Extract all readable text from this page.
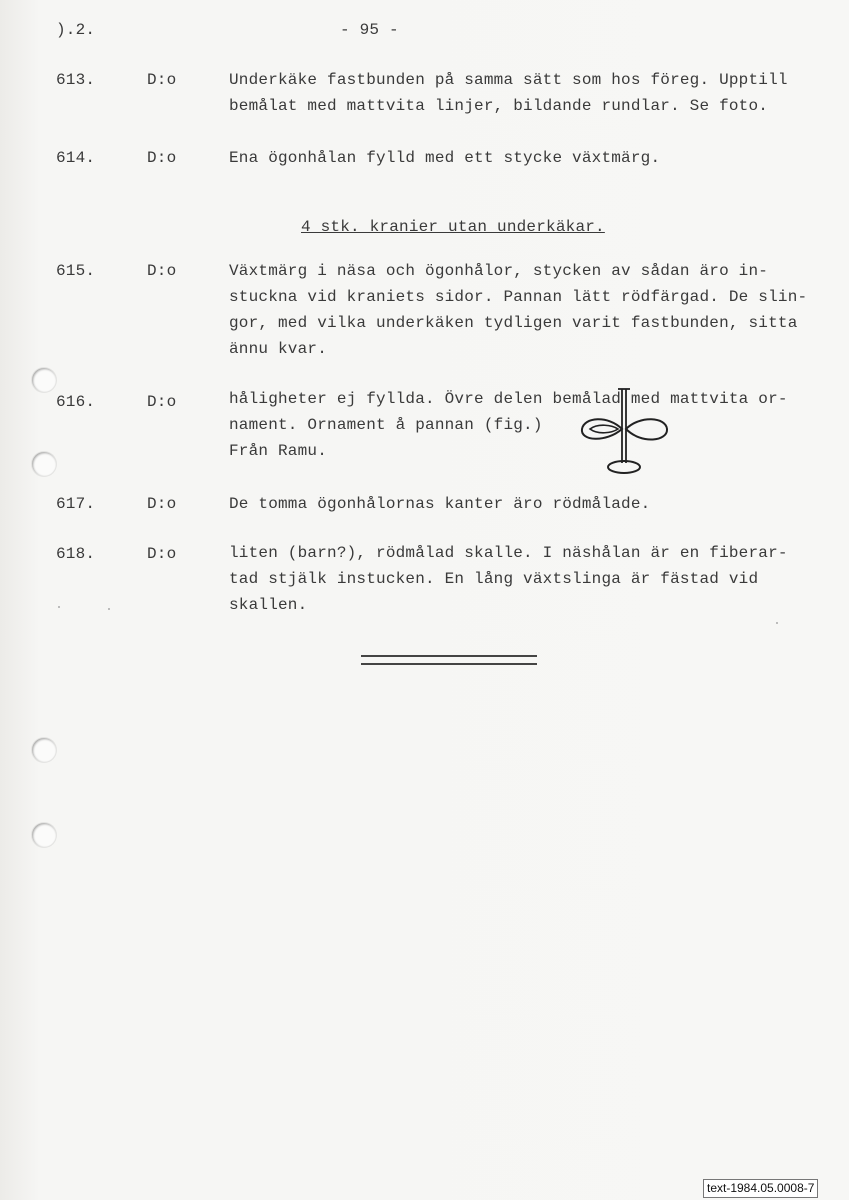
).2.	- 95 -
613.	D:o	Underkäke fastbunden på samma sätt som hos föreg. Upptill
bemålat med mattvita linjer, bildande rundlar. Se foto.
614.	D:o	Ena ögonhålan fylld med ett stycke växtmärg.
4 stk. kranier utan underkäkar.
615.	D:o	Växtmärg i näsa och ögonhålor, stycken av sådan äro in-
stuckna vid kraniets sidor. Pannan lätt rödfärgad. De slin-
gor, med vilka underkäken tydligen varit fastbunden, sitta
ännu kvar.
616.	D:o	håligheter ej fyllda. Övre delen bemålad med mattvita or-
nament. Ornament å pannan (fig.)
Från Ramu.
617.	D:o	De tomma ögonhålornas kanter äro rödmålade.
618.	D:o	liten (barn?), rödmålad skalle. I näshålan är en fiberar-
tad stjälk instucken. En lång växtslinga är fästad vid
skallen.
text-1984.05.0008-7
